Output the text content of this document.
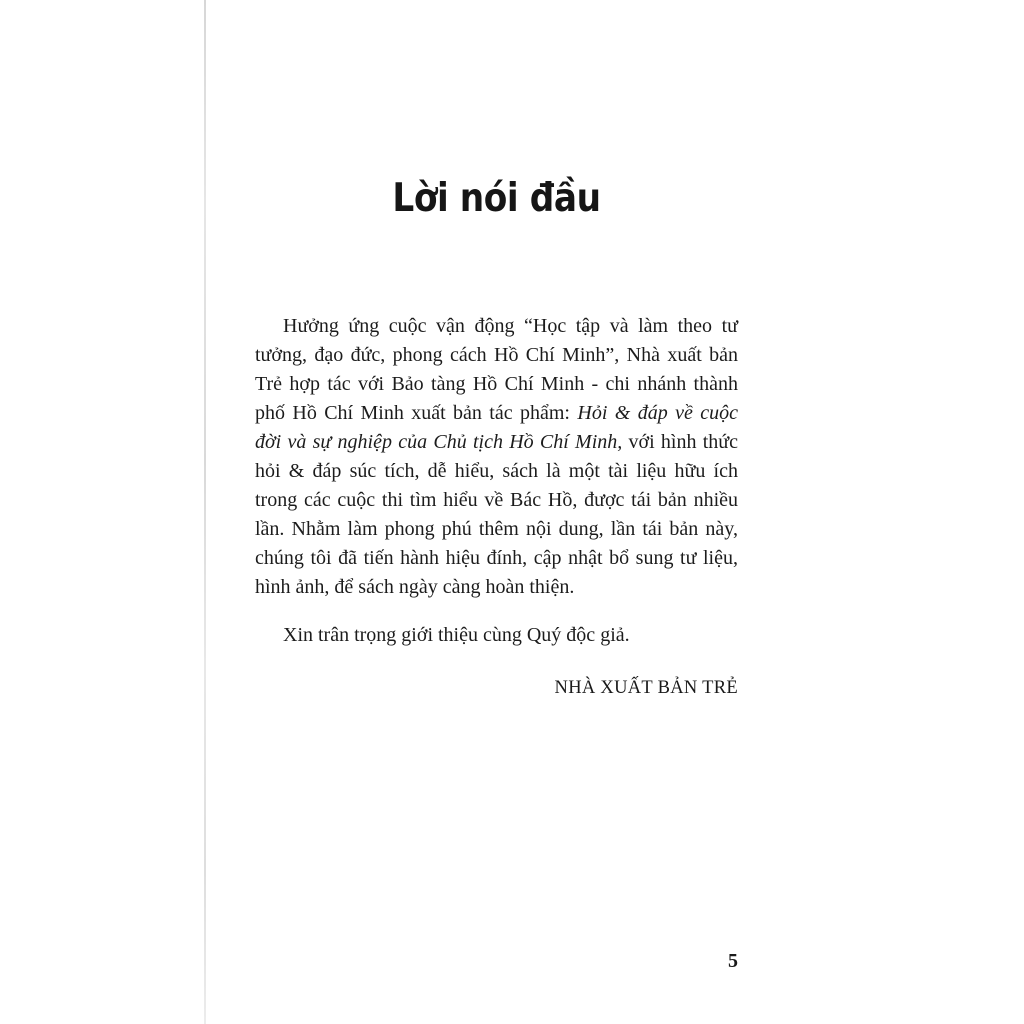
Lời nói đầu

Hưởng ứng cuộc vận động “Học tập và làm theo tư tưởng, đạo đức, phong cách Hồ Chí Minh”, Nhà xuất bản Trẻ hợp tác với Bảo tàng Hồ Chí Minh - chi nhánh thành phố Hồ Chí Minh xuất bản tác phẩm: Hỏi & đáp về cuộc đời và sự nghiệp của Chủ tịch Hồ Chí Minh, với hình thức hỏi & đáp súc tích, dễ hiểu, sách là một tài liệu hữu ích trong các cuộc thi tìm hiểu về Bác Hồ, được tái bản nhiều lần. Nhằm làm phong phú thêm nội dung, lần tái bản này, chúng tôi đã tiến hành hiệu đính, cập nhật bổ sung tư liệu, hình ảnh, để sách ngày càng hoàn thiện.

Xin trân trọng giới thiệu cùng Quý độc giả.

NHÀ XUẤT BẢN TRẺ
5
